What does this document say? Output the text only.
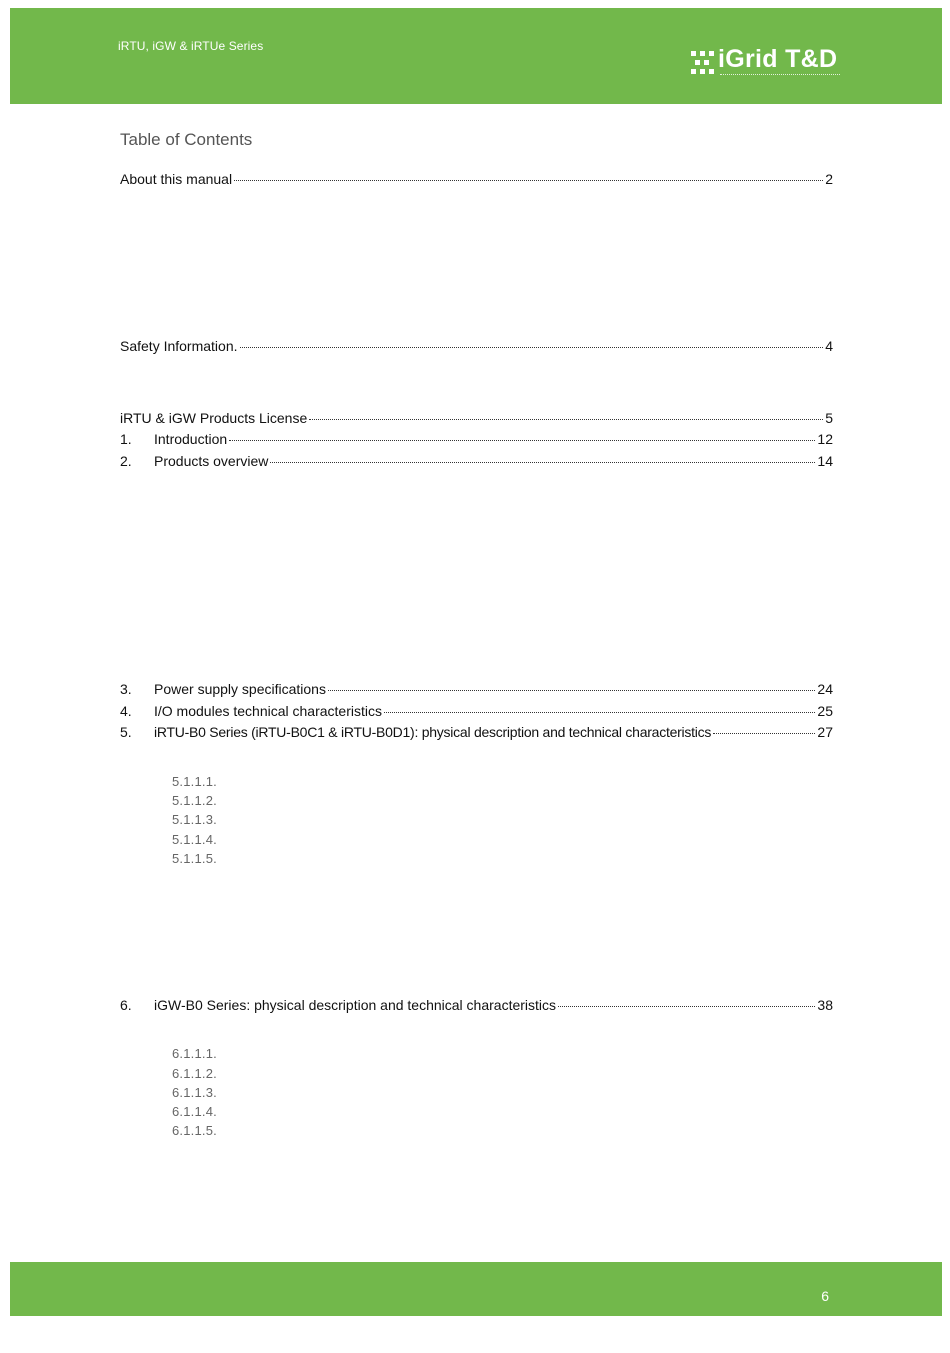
iRTU, iGW & iRTUe Series	iGrid T&D
Table of Contents
About this manual	2
Safety Information.	4
iRTU & iGW Products License	5
1.	Introduction	12
2.	Products overview	14
3.	Power supply specifications	24
4.	I/O modules technical characteristics	25
5.	iRTU-B0 Series (iRTU-B0C1 & iRTU-B0D1): physical description and technical characteristics	27
5.1.1.1.
5.1.1.2.
5.1.1.3.
5.1.1.4.
5.1.1.5.
6.	iGW-B0 Series: physical description and technical characteristics	38
6.1.1.1.
6.1.1.2.
6.1.1.3.
6.1.1.4.
6.1.1.5.
6
